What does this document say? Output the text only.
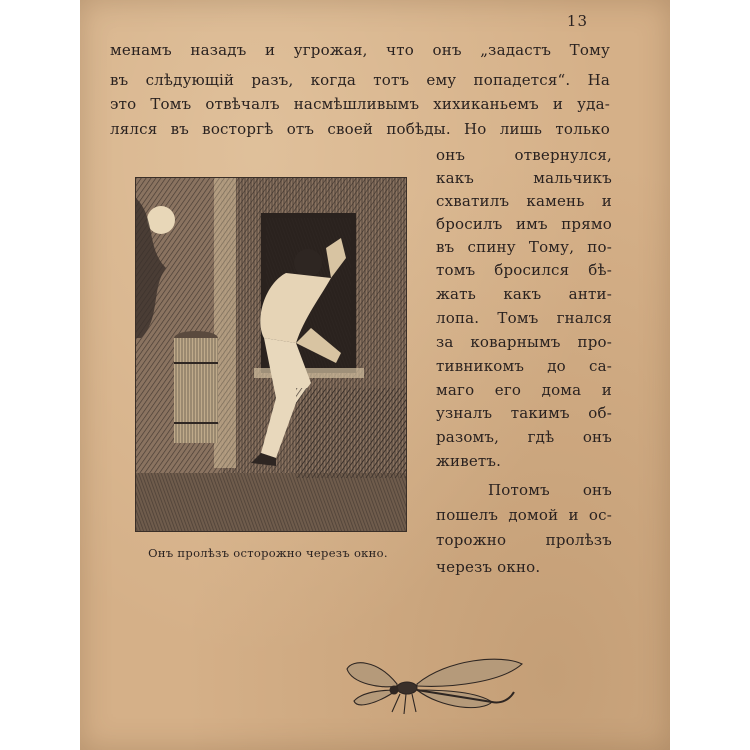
13
менамъ назадъ и угрожая, что онъ „задастъ Тому
въ слѣдующій разъ, когда тотъ ему попадется“. На
это Томъ отвѣчалъ насмѣшливымъ хихиканьемъ и уда-
лялся въ восторгѣ отъ своей побѣды. Но лишь только
онъ отвернулся,
какъ мальчикъ
схватилъ камень и
бросилъ имъ прямо
въ спину Тому, по-
томъ бросился бѣ-
жать какъ анти-
лопа. Томъ гнался
за коварнымъ про-
тивникомъ до са-
маго его дома и
узналъ такимъ об-
разомъ, гдѣ онъ
живетъ.
Потомъ онъ
пошелъ домой и ос-
торожно пролѣзъ
черезъ окно.
Онъ пролѣзъ осторожно черезъ окно.
